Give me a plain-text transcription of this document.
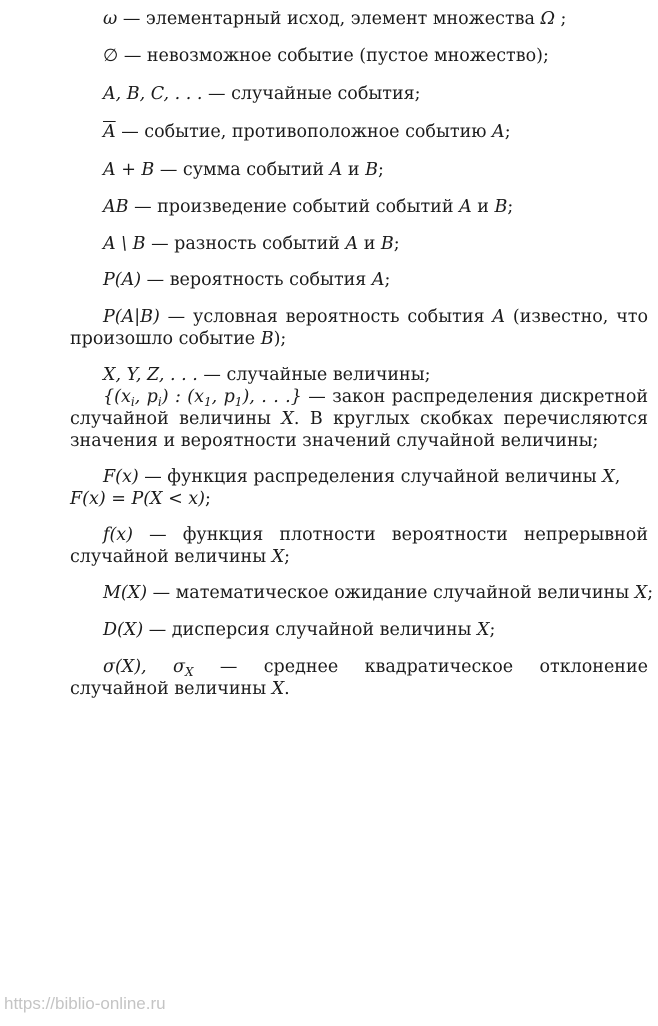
ω — элементарный исход, элемент множества Ω ;
∅ — невозможное событие (пустое множество);
A, B, C, . . . — случайные события;
$\overline{A}$ — событие, противоположное событию A;
A + B — сумма событий A и B;
AB — произведение событий событий A и B;
A \ B — разность событий A и B;
P(A) — вероятность события A;
P(A|B) — условная вероятность события A (известно, что произошло событие B);
X, Y, Z, . . . — случайные величины;
{($x_i$, $p_i$) : ($x_1$, $p_1$), . . .} — закон распределения дискретной случайной величины X. В круглых скобках перечисляются значения и вероятности значений случайной величины;
F(x) — функция распределения случайной величины X,
F(x) = P(X < x);
f(x) — функция плотности вероятности непрерывной случайной величины X;
M(X) — математическое ожидание случайной величины X;
D(X) — дисперсия случайной величины X;
σ(X), $\sigma_X$ — среднее квадратическое отклонение случайной величины X.
https://biblio-online.ru
